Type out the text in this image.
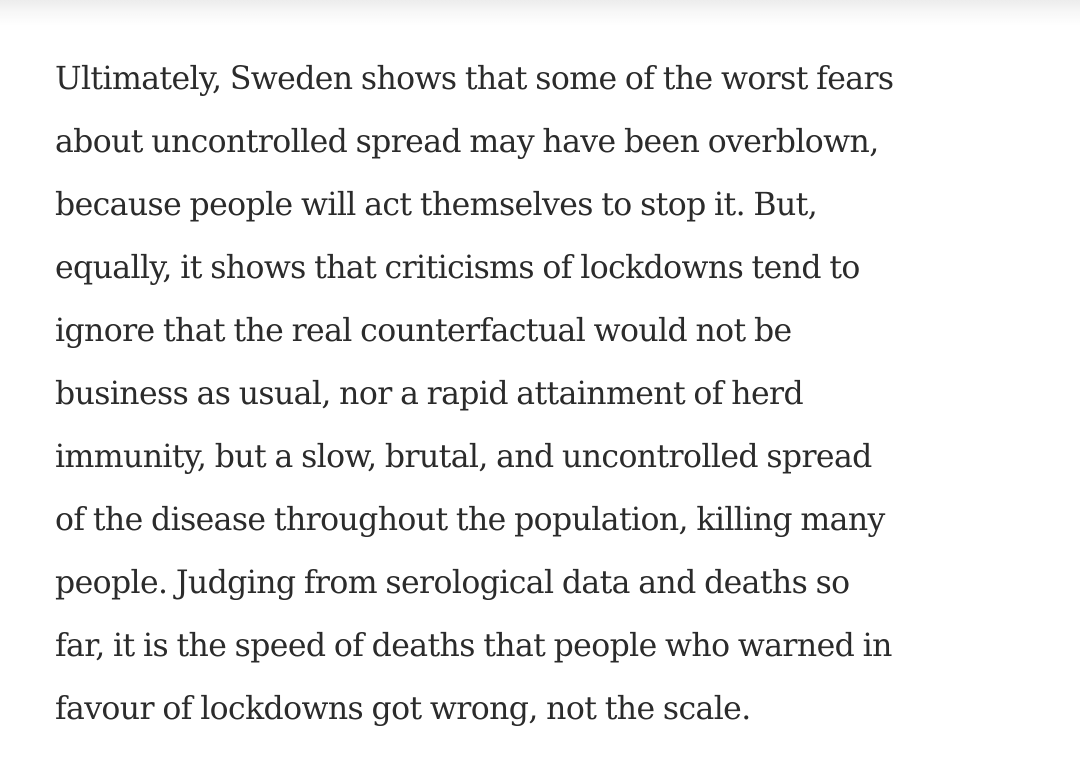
Ultimately, Sweden shows that some of the worst fears
about uncontrolled spread may have been overblown,
because people will act themselves to stop it. But,
equally, it shows that criticisms of lockdowns tend to
ignore that the real counterfactual would not be
business as usual, nor a rapid attainment of herd
immunity, but a slow, brutal, and uncontrolled spread
of the disease throughout the population, killing many
people. Judging from serological data and deaths so
far, it is the speed of deaths that people who warned in
favour of lockdowns got wrong, not the scale.
